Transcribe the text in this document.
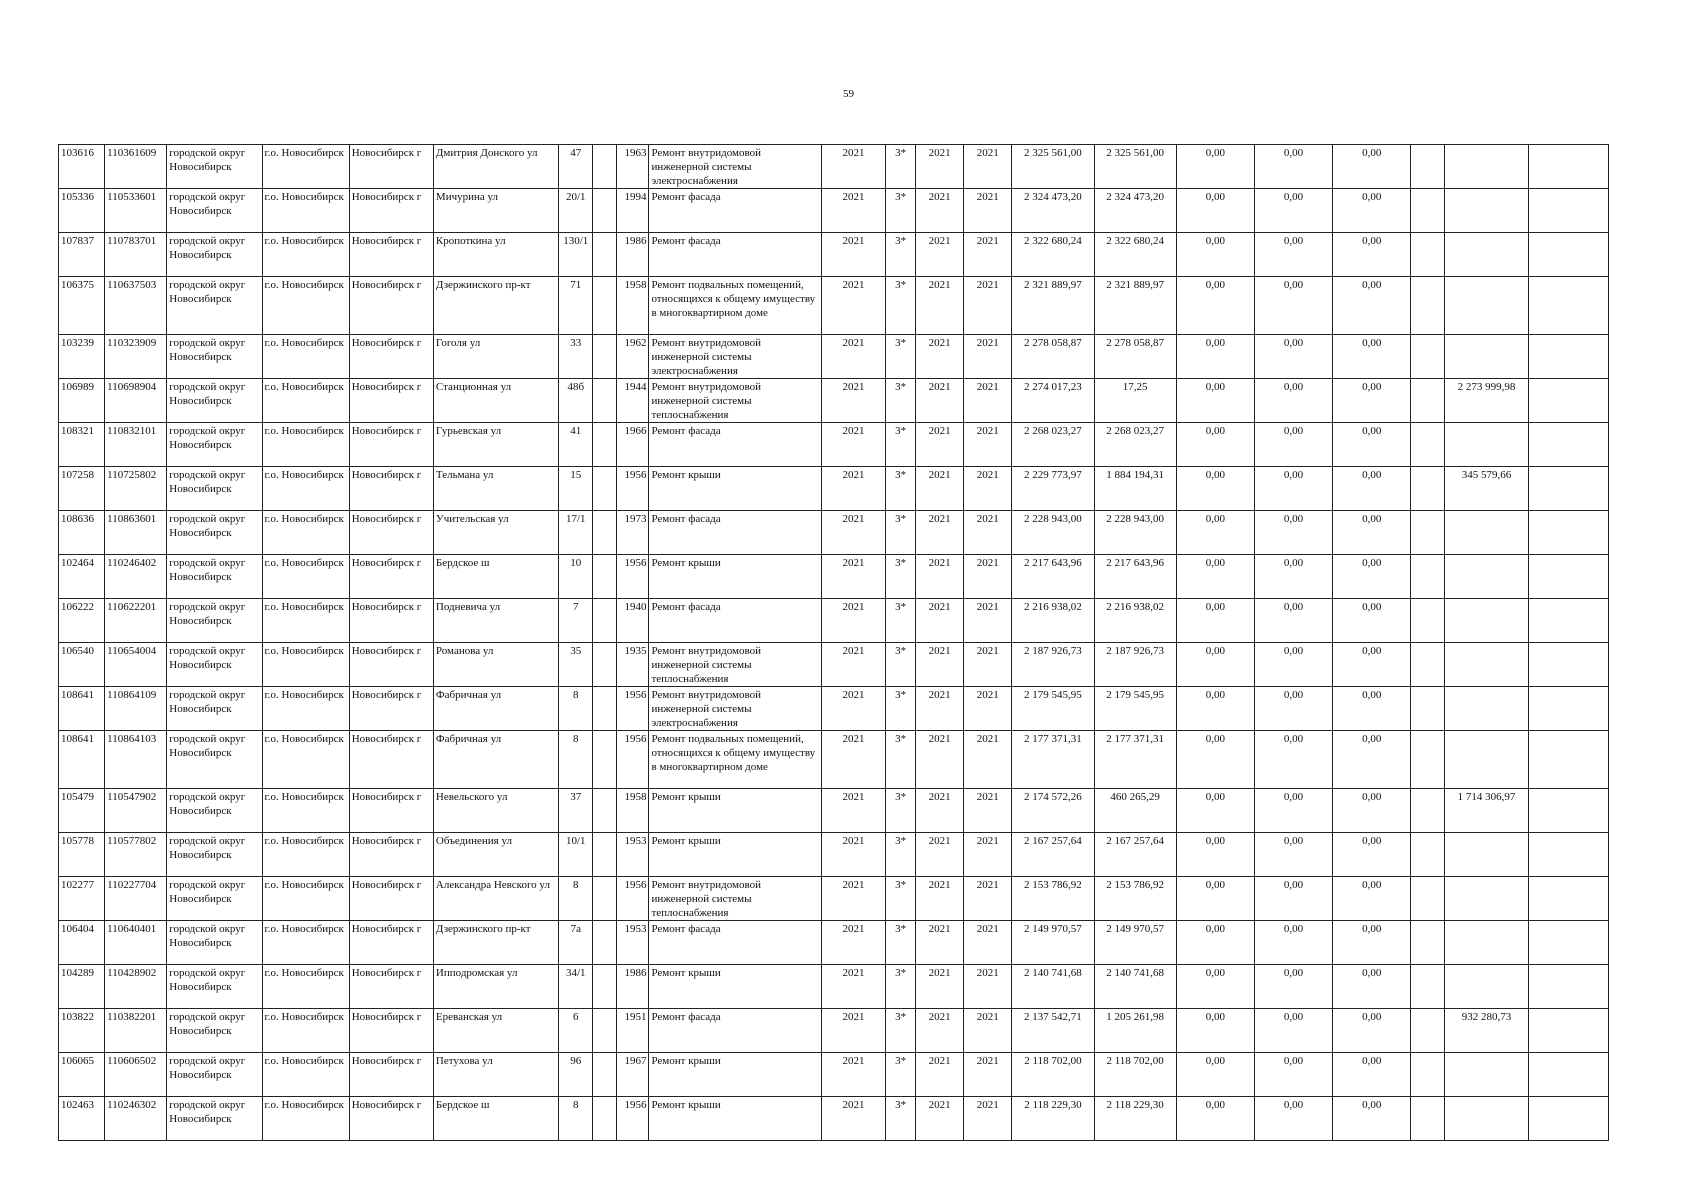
59
103616	110361609	городской округ Новосибирск	г.о. Новосибирск	Новосибирск г	Дмитрия Донского ул	47		1963	Ремонт внутридомовой инженерной системы электроснабжения	2021	3*	2021	2021	2 325 561,00	2 325 561,00	0,00	0,00	0,00			
105336	110533601	городской округ Новосибирск	г.о. Новосибирск	Новосибирск г	Мичурина ул	20/1		1994	Ремонт фасада	2021	3*	2021	2021	2 324 473,20	2 324 473,20	0,00	0,00	0,00			
107837	110783701	городской округ Новосибирск	г.о. Новосибирск	Новосибирск г	Кропоткина ул	130/1		1986	Ремонт фасада	2021	3*	2021	2021	2 322 680,24	2 322 680,24	0,00	0,00	0,00			
106375	110637503	городской округ Новосибирск	г.о. Новосибирск	Новосибирск г	Дзержинского пр-кт	71		1958	Ремонт подвальных помещений, относящихся к общему имуществу в многоквартирном доме	2021	3*	2021	2021	2 321 889,97	2 321 889,97	0,00	0,00	0,00			
103239	110323909	городской округ Новосибирск	г.о. Новосибирск	Новосибирск г	Гоголя ул	33		1962	Ремонт внутридомовой инженерной системы электроснабжения	2021	3*	2021	2021	2 278 058,87	2 278 058,87	0,00	0,00	0,00			
106989	110698904	городской округ Новосибирск	г.о. Новосибирск	Новосибирск г	Станционная ул	48б		1944	Ремонт внутридомовой инженерной системы теплоснабжения	2021	3*	2021	2021	2 274 017,23	17,25	0,00	0,00	0,00		2 273 999,98	
108321	110832101	городской округ Новосибирск	г.о. Новосибирск	Новосибирск г	Гурьевская ул	41		1966	Ремонт фасада	2021	3*	2021	2021	2 268 023,27	2 268 023,27	0,00	0,00	0,00			
107258	110725802	городской округ Новосибирск	г.о. Новосибирск	Новосибирск г	Тельмана ул	15		1956	Ремонт крыши	2021	3*	2021	2021	2 229 773,97	1 884 194,31	0,00	0,00	0,00		345 579,66	
108636	110863601	городской округ Новосибирск	г.о. Новосибирск	Новосибирск г	Учительская ул	17/1		1973	Ремонт фасада	2021	3*	2021	2021	2 228 943,00	2 228 943,00	0,00	0,00	0,00			
102464	110246402	городской округ Новосибирск	г.о. Новосибирск	Новосибирск г	Бердское ш	10		1956	Ремонт крыши	2021	3*	2021	2021	2 217 643,96	2 217 643,96	0,00	0,00	0,00			
106222	110622201	городской округ Новосибирск	г.о. Новосибирск	Новосибирск г	Подневича ул	7		1940	Ремонт фасада	2021	3*	2021	2021	2 216 938,02	2 216 938,02	0,00	0,00	0,00			
106540	110654004	городской округ Новосибирск	г.о. Новосибирск	Новосибирск г	Романова ул	35		1935	Ремонт внутридомовой инженерной системы теплоснабжения	2021	3*	2021	2021	2 187 926,73	2 187 926,73	0,00	0,00	0,00			
108641	110864109	городской округ Новосибирск	г.о. Новосибирск	Новосибирск г	Фабричная ул	8		1956	Ремонт внутридомовой инженерной системы электроснабжения	2021	3*	2021	2021	2 179 545,95	2 179 545,95	0,00	0,00	0,00			
108641	110864103	городской округ Новосибирск	г.о. Новосибирск	Новосибирск г	Фабричная ул	8		1956	Ремонт подвальных помещений, относящихся к общему имуществу в многоквартирном доме	2021	3*	2021	2021	2 177 371,31	2 177 371,31	0,00	0,00	0,00			
105479	110547902	городской округ Новосибирск	г.о. Новосибирск	Новосибирск г	Невельского ул	37		1958	Ремонт крыши	2021	3*	2021	2021	2 174 572,26	460 265,29	0,00	0,00	0,00		1 714 306,97	
105778	110577802	городской округ Новосибирск	г.о. Новосибирск	Новосибирск г	Объединения ул	10/1		1953	Ремонт крыши	2021	3*	2021	2021	2 167 257,64	2 167 257,64	0,00	0,00	0,00			
102277	110227704	городской округ Новосибирск	г.о. Новосибирск	Новосибирск г	Александра Невского ул	8		1956	Ремонт внутридомовой инженерной системы теплоснабжения	2021	3*	2021	2021	2 153 786,92	2 153 786,92	0,00	0,00	0,00			
106404	110640401	городской округ Новосибирск	г.о. Новосибирск	Новосибирск г	Дзержинского пр-кт	7а		1953	Ремонт фасада	2021	3*	2021	2021	2 149 970,57	2 149 970,57	0,00	0,00	0,00			
104289	110428902	городской округ Новосибирск	г.о. Новосибирск	Новосибирск г	Ипподромская ул	34/1		1986	Ремонт крыши	2021	3*	2021	2021	2 140 741,68	2 140 741,68	0,00	0,00	0,00			
103822	110382201	городской округ Новосибирск	г.о. Новосибирск	Новосибирск г	Ереванская ул	6		1951	Ремонт фасада	2021	3*	2021	2021	2 137 542,71	1 205 261,98	0,00	0,00	0,00		932 280,73	
106065	110606502	городской округ Новосибирск	г.о. Новосибирск	Новосибирск г	Петухова ул	96		1967	Ремонт крыши	2021	3*	2021	2021	2 118 702,00	2 118 702,00	0,00	0,00	0,00			
102463	110246302	городской округ Новосибирск	г.о. Новосибирск	Новосибирск г	Бердское ш	8		1956	Ремонт крыши	2021	3*	2021	2021	2 118 229,30	2 118 229,30	0,00	0,00	0,00			
